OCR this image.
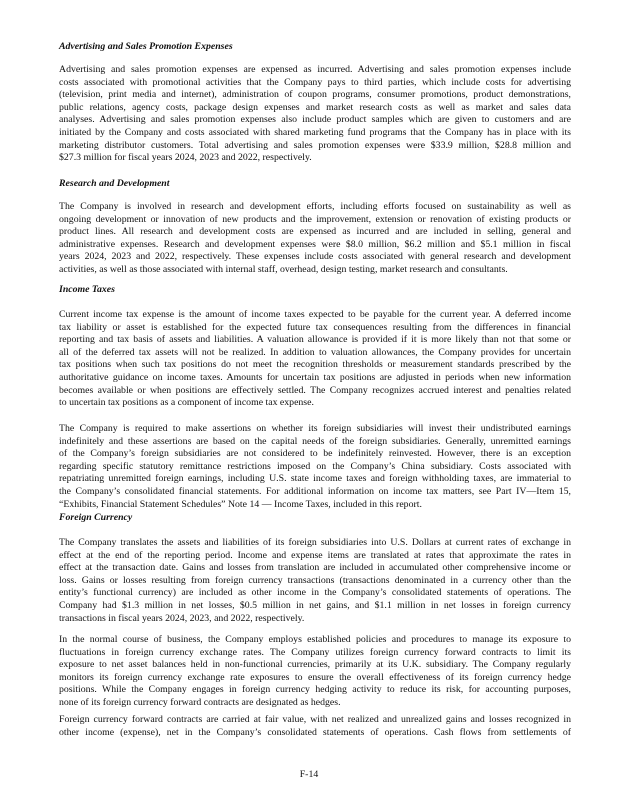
Advertising and Sales Promotion Expenses
Advertising and sales promotion expenses are expensed as incurred. Advertising and sales promotion expenses include
costs associated with promotional activities that the Company pays to third parties, which include costs for advertising
(television, print media and internet), administration of coupon programs, consumer promotions, product demonstrations,
public relations, agency costs, package design expenses and market research costs as well as market and sales data
analyses. Advertising and sales promotion expenses also include product samples which are given to customers and are
initiated by the Company and costs associated with shared marketing fund programs that the Company has in place with its
marketing distributor customers. Total advertising and sales promotion expenses were $33.9 million, $28.8 million and
$27.3 million for fiscal years 2024, 2023 and 2022, respectively.
Research and Development
The Company is involved in research and development efforts, including efforts focused on sustainability as well as
ongoing development or innovation of new products and the improvement, extension or renovation of existing products or
product lines. All research and development costs are expensed as incurred and are included in selling, general and
administrative expenses. Research and development expenses were $8.0 million, $6.2 million and $5.1 million in fiscal
years 2024, 2023 and 2022, respectively. These expenses include costs associated with general research and development
activities, as well as those associated with internal staff, overhead, design testing, market research and consultants.
Income Taxes
Current income tax expense is the amount of income taxes expected to be payable for the current year. A deferred income
tax liability or asset is established for the expected future tax consequences resulting from the differences in financial
reporting and tax basis of assets and liabilities. A valuation allowance is provided if it is more likely than not that some or
all of the deferred tax assets will not be realized. In addition to valuation allowances, the Company provides for uncertain
tax positions when such tax positions do not meet the recognition thresholds or measurement standards prescribed by the
authoritative guidance on income taxes. Amounts for uncertain tax positions are adjusted in periods when new information
becomes available or when positions are effectively settled. The Company recognizes accrued interest and penalties related
to uncertain tax positions as a component of income tax expense.
The Company is required to make assertions on whether its foreign subsidiaries will invest their undistributed earnings
indefinitely and these assertions are based on the capital needs of the foreign subsidiaries. Generally, unremitted earnings
of the Company’s foreign subsidiaries are not considered to be indefinitely reinvested. However, there is an exception
regarding specific statutory remittance restrictions imposed on the Company’s China subsidiary. Costs associated with
repatriating unremitted foreign earnings, including U.S. state income taxes and foreign withholding taxes, are immaterial to
the Company’s consolidated financial statements. For additional information on income tax matters, see Part IV—Item 15,
“Exhibits, Financial Statement Schedules” Note 14 — Income Taxes, included in this report.
Foreign Currency
The Company translates the assets and liabilities of its foreign subsidiaries into U.S. Dollars at current rates of exchange in
effect at the end of the reporting period. Income and expense items are translated at rates that approximate the rates in
effect at the transaction date. Gains and losses from translation are included in accumulated other comprehensive income or
loss. Gains or losses resulting from foreign currency transactions (transactions denominated in a currency other than the
entity’s functional currency) are included as other income in the Company’s consolidated statements of operations. The
Company had $1.3 million in net losses, $0.5 million in net gains, and $1.1 million in net losses in foreign currency
transactions in fiscal years 2024, 2023, and 2022, respectively.
In the normal course of business, the Company employs established policies and procedures to manage its exposure to
fluctuations in foreign currency exchange rates. The Company utilizes foreign currency forward contracts to limit its
exposure to net asset balances held in non-functional currencies, primarily at its U.K. subsidiary. The Company regularly
monitors its foreign currency exchange rate exposures to ensure the overall effectiveness of its foreign currency hedge
positions. While the Company engages in foreign currency hedging activity to reduce its risk, for accounting purposes,
none of its foreign currency forward contracts are designated as hedges.
Foreign currency forward contracts are carried at fair value, with net realized and unrealized gains and losses recognized in
other income (expense), net in the Company’s consolidated statements of operations. Cash flows from settlements of
F-14
